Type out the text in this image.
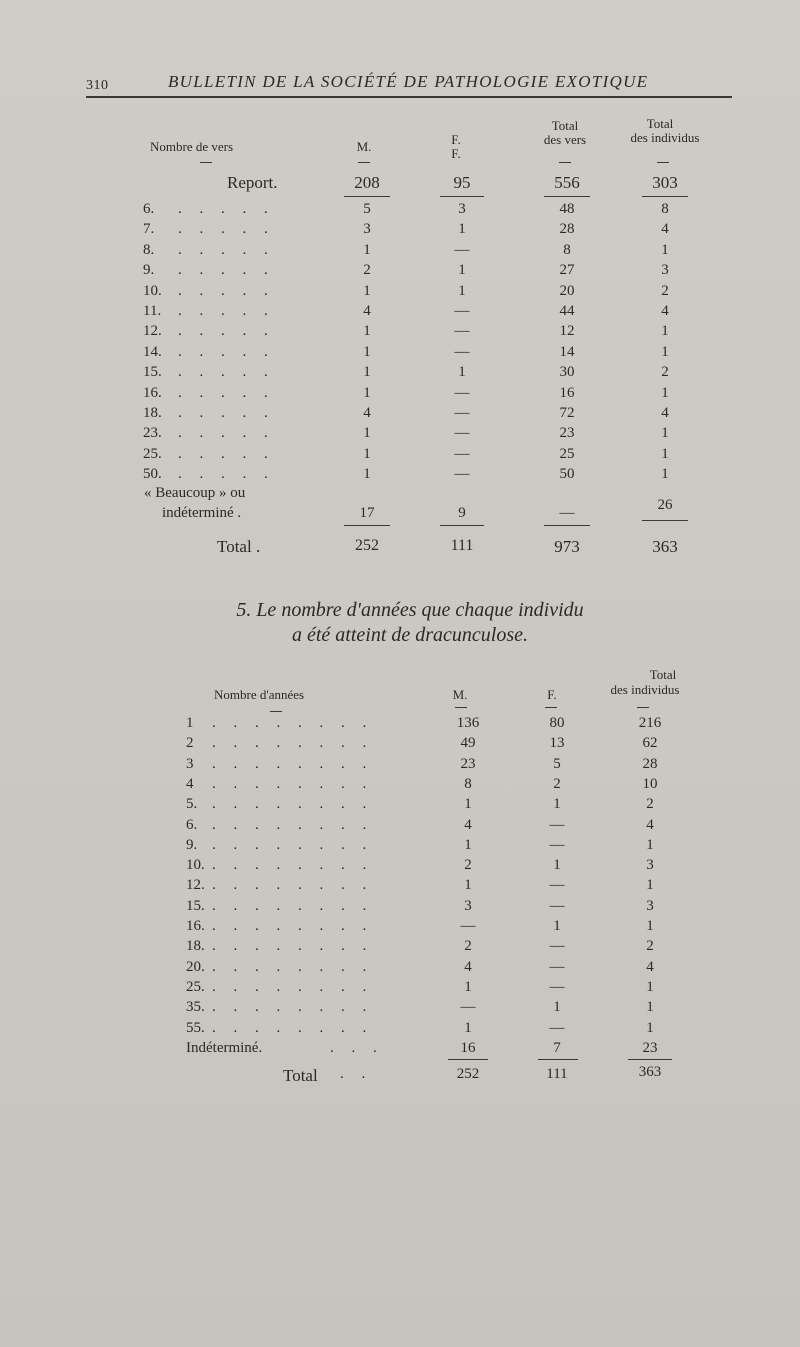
310	BULLETIN DE LA SOCIÉTÉ DE PATHOLOGIE EXOTIQUE
Nombre de vers	M.	F.
F.
Total
des vers
Total
des individus
Report.	208	95	556	303
6.	5	3	48	8
. . . . .
7.	3	1	28	4
. . . . .
8.	1	—	8	1
. . . . .
9.	2	1	27	3
. . . . .
10.	1	1	20	2
. . . . .
11.	4	—	44	4
. . . . .
12.	1	—	12	1
. . . . .
14.	1	—	14	1
. . . . .
15.	1	1	30	2
. . . . .
16.	1	—	16	1
. . . . .
18.	4	—	72	4
. . . . .
23.	1	—	23	1
. . . . .
25.	1	—	25	1
. . . . .
50.	1	—	50	1
. . . . .
« Beaucoup » ou
indéterminé .	17	9	—	26
Total .	252	111	973	363
5. Le nombre d'années que chaque individu
a été atteint de dracunculose.
Nombre d'années	M.	F.
Total
des individus
1	136	80	216
. . . . . . . .
2	49	13	62
. . . . . . . .
3	23	5	28
. . . . . . . .
4	8	2	10
. . . . . . . .
5.	1	1	2
. . . . . . . .
6.	4	—	4
. . . . . . . .
9.	1	—	1
. . . . . . . .
10.	2	1	3
. . . . . . . .
12.	1	—	1
. . . . . . . .
15.	3	—	3
. . . . . . . .
16.	—	1	1
. . . . . . . .
18.	2	—	2
. . . . . . . .
20.	4	—	4
. . . . . . . .
25.	1	—	1
. . . . . . . .
35.	—	1	1
. . . . . . . .
55.	1	—	1
. . . . . . . .
Indéterminé.	16	7	23
. . .
Total . .	252	111	363
